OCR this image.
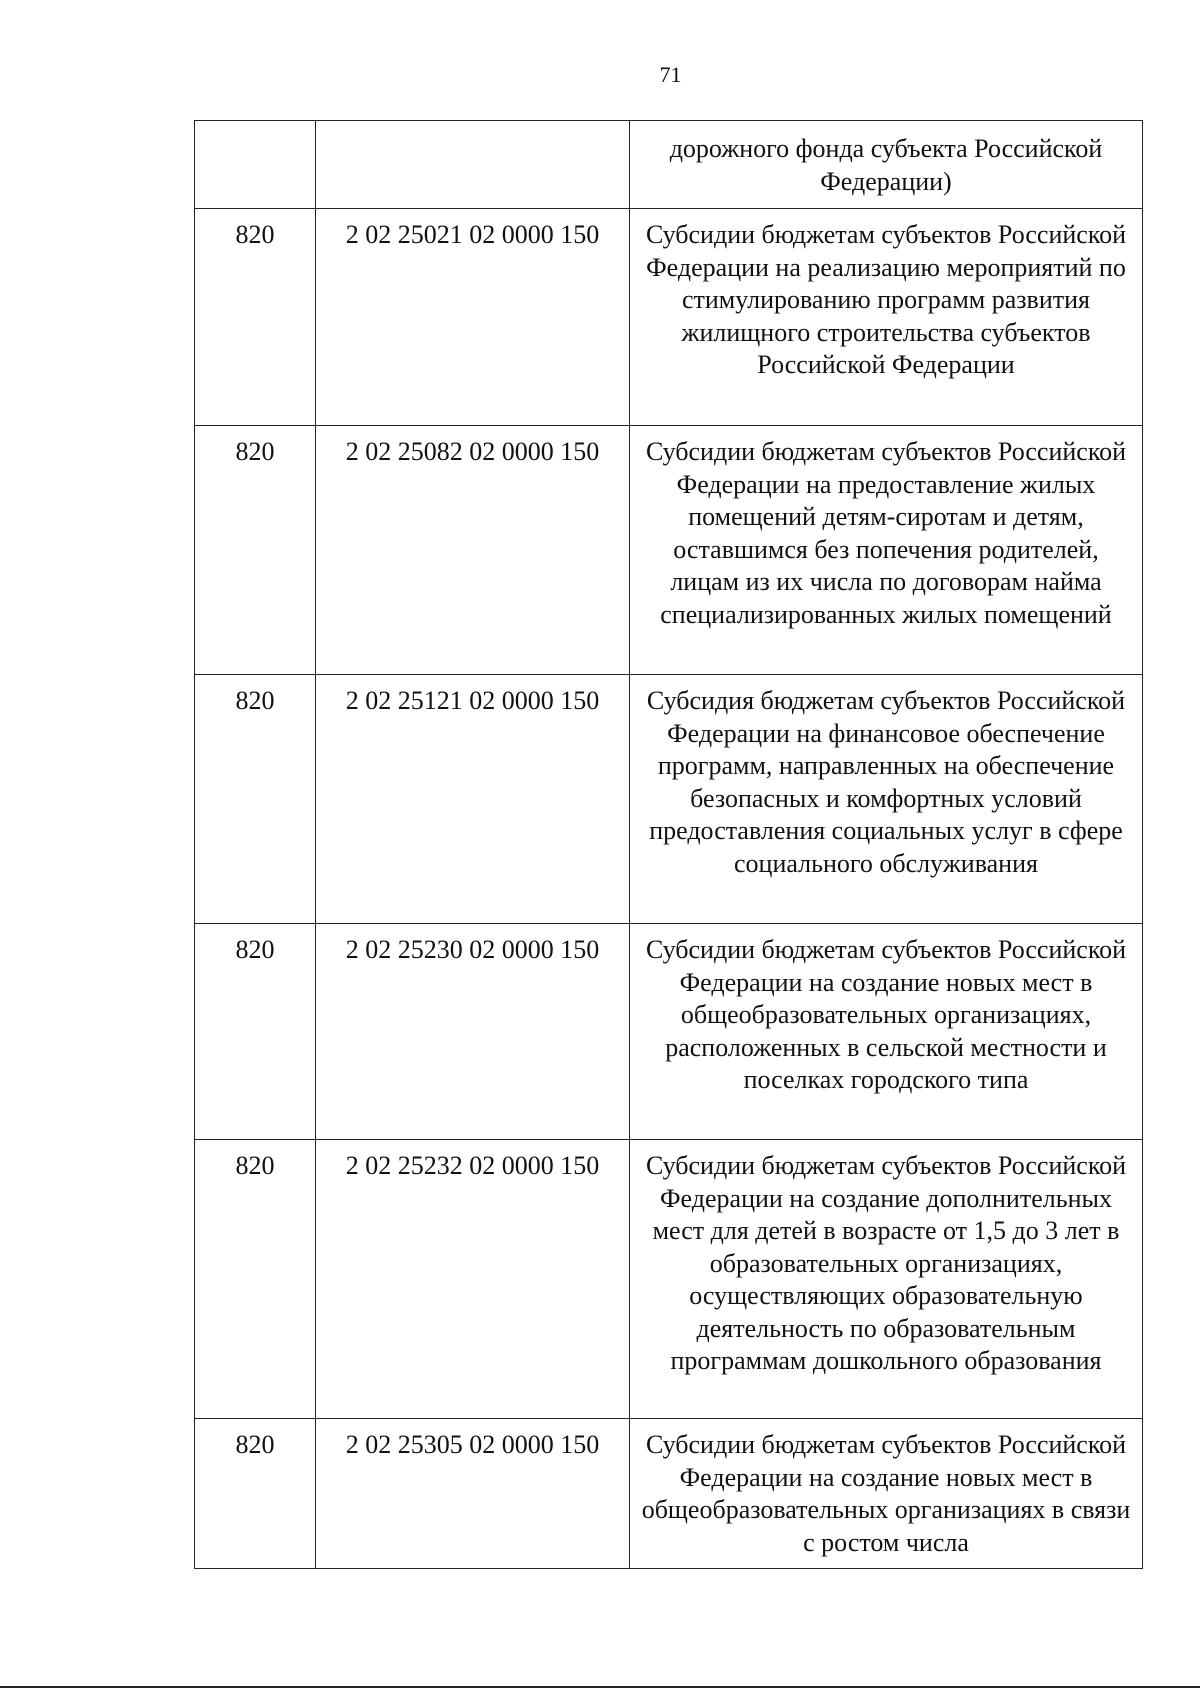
71
		дорожного фонда субъекта Российской Федерации)
820	2 02 25021 02 0000 150	Субсидии бюджетам субъектов Российской Федерации на реализацию мероприятий по стимулированию программ развития жилищного строительства субъектов Российской Федерации
820	2 02 25082 02 0000 150	Субсидии бюджетам субъектов Российской Федерации на предоставление жилых помещений детям-сиротам и детям, оставшимся без попечения родителей, лицам из их числа по договорам найма специализированных жилых помещений
820	2 02 25121 02 0000 150	Субсидия бюджетам субъектов Российской Федерации на финансовое обеспечение программ, направленных на обеспечение безопасных и комфортных условий предоставления социальных услуг в сфере социального обслуживания
820	2 02 25230 02 0000 150	Субсидии бюджетам субъектов Российской Федерации на создание новых мест в общеобразовательных организациях, расположенных в сельской местности и поселках городского типа
820	2 02 25232 02 0000 150	Субсидии бюджетам субъектов Российской Федерации на создание дополнительных мест для детей в возрасте от 1,5 до 3 лет в образовательных организациях, осуществляющих образовательную деятельность по образовательным программам дошкольного образования
820	2 02 25305 02 0000 150	Субсидии бюджетам субъектов Российской Федерации на создание новых мест в общеобразовательных организациях в связи с ростом числа
